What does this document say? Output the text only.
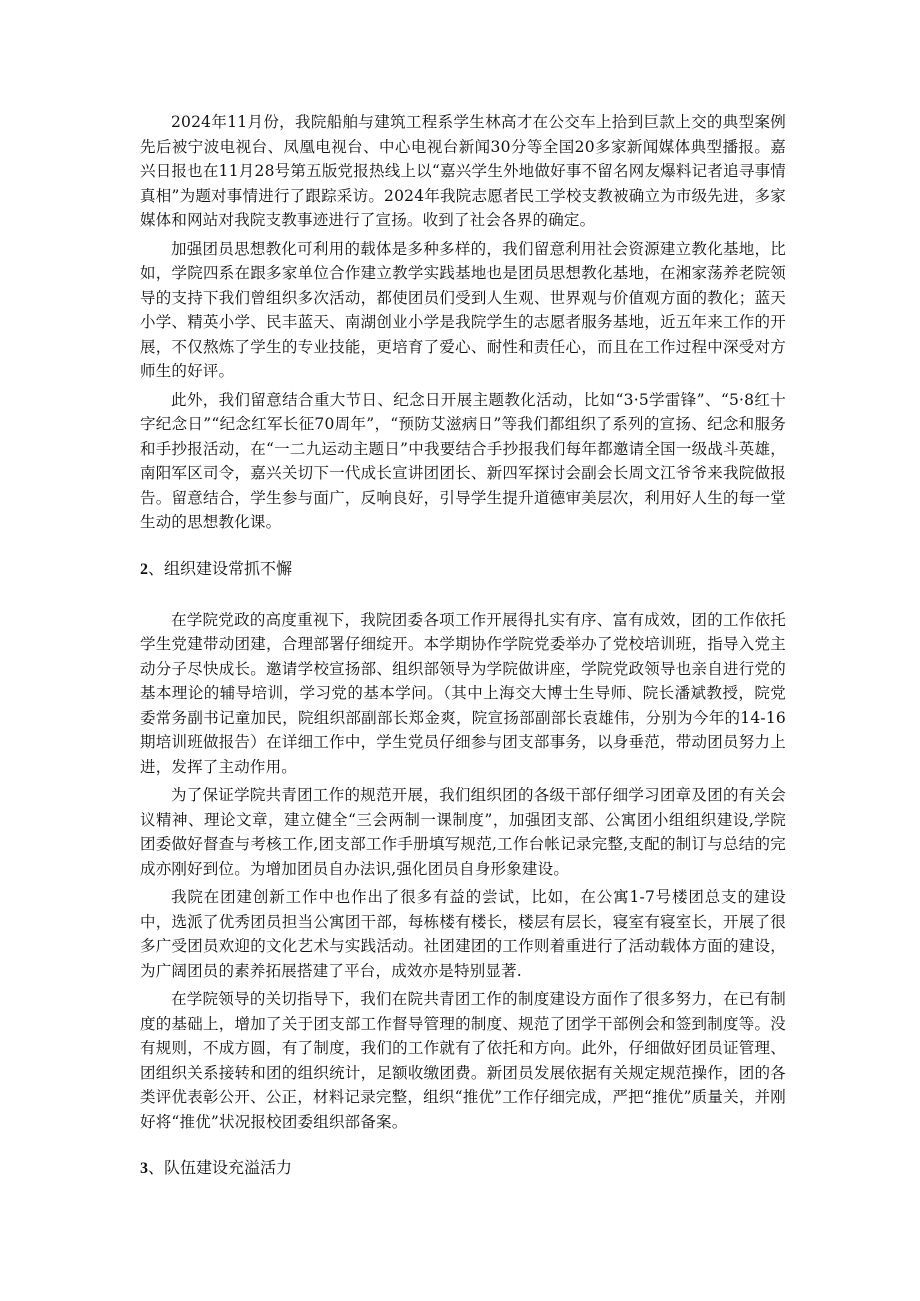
2024年11月份，我院船舶与建筑工程系学生林高才在公交车上拾到巨款上交的典型案例先后被宁波电视台、凤凰电视台、中心电视台新闻30分等全国20多家新闻媒体典型播报。嘉兴日报也在11月28号第五版党报热线上以“嘉兴学生外地做好事不留名网友爆料记者追寻事情真相”为题对事情进行了跟踪采访。2024年我院志愿者民工学校支教被确立为市级先进，多家媒体和网站对我院支教事迹进行了宣扬。收到了社会各界的确定。

加强团员思想教化可利用的载体是多种多样的，我们留意利用社会资源建立教化基地，比如，学院四系在跟多家单位合作建立教学实践基地也是团员思想教化基地，在湘家荡养老院领导的支持下我们曾组织多次活动，都使团员们受到人生观、世界观与价值观方面的教化；蓝天小学、精英小学、民丰蓝天、南湖创业小学是我院学生的志愿者服务基地，近五年来工作的开展，不仅熬炼了学生的专业技能，更培育了爱心、耐性和责任心，而且在工作过程中深受对方师生的好评。

此外，我们留意结合重大节日、纪念日开展主题教化活动，比如“3·5学雷锋”、“5·8红十字纪念日”“纪念红军长征70周年”，“预防艾滋病日”等我们都组织了系列的宣扬、纪念和服务和手抄报活动，在“一二九运动主题日”中我要结合手抄报我们每年都邀请全国一级战斗英雄，南阳军区司令，嘉兴关切下一代成长宣讲团团长、新四军探讨会副会长周文江爷爷来我院做报告。留意结合，学生参与面广，反响良好，引导学生提升道德审美层次，利用好人生的每一堂生动的思想教化课。

2、组织建设常抓不懈

在学院党政的高度重视下，我院团委各项工作开展得扎实有序、富有成效，团的工作依托学生党建带动团建，合理部署仔细绽开。本学期协作学院党委举办了党校培训班，指导入党主动分子尽快成长。邀请学校宣扬部、组织部领导为学院做讲座，学院党政领导也亲自进行党的基本理论的辅导培训，学习党的基本学问。（其中上海交大博士生导师、院长潘斌教授，院党委常务副书记童加民，院组织部副部长郑金爽，院宣扬部副部长袁雄伟，分别为今年的14-16期培训班做报告）在详细工作中，学生党员仔细参与团支部事务，以身垂范，带动团员努力上进，发挥了主动作用。

为了保证学院共青团工作的规范开展，我们组织团的各级干部仔细学习团章及团的有关会议精神、理论文章，建立健全“三会两制一课制度”，加强团支部、公寓团小组组织建设,学院团委做好督查与考核工作,团支部工作手册填写规范,工作台帐记录完整,支配的制订与总结的完成亦刚好到位。为增加团员自办法识,强化团员自身形象建设。

我院在团建创新工作中也作出了很多有益的尝试，比如，在公寓1-7号楼团总支的建设中，选派了优秀团员担当公寓团干部，每栋楼有楼长，楼层有层长，寝室有寝室长，开展了很多广受团员欢迎的文化艺术与实践活动。社团建团的工作则着重进行了活动载体方面的建设，为广阔团员的素养拓展搭建了平台，成效亦是特别显著.

在学院领导的关切指导下，我们在院共青团工作的制度建设方面作了很多努力，在已有制度的基础上，增加了关于团支部工作督导管理的制度、规范了团学干部例会和签到制度等。没有规则，不成方圆，有了制度，我们的工作就有了依托和方向。此外，仔细做好团员证管理、团组织关系接转和团的组织统计，足额收缴团费。新团员发展依据有关规定规范操作，团的各类评优表彰公开、公正，材料记录完整，组织“推优”工作仔细完成，严把“推优”质量关，并刚好将“推优”状况报校团委组织部备案。

3、队伍建设充溢活力
